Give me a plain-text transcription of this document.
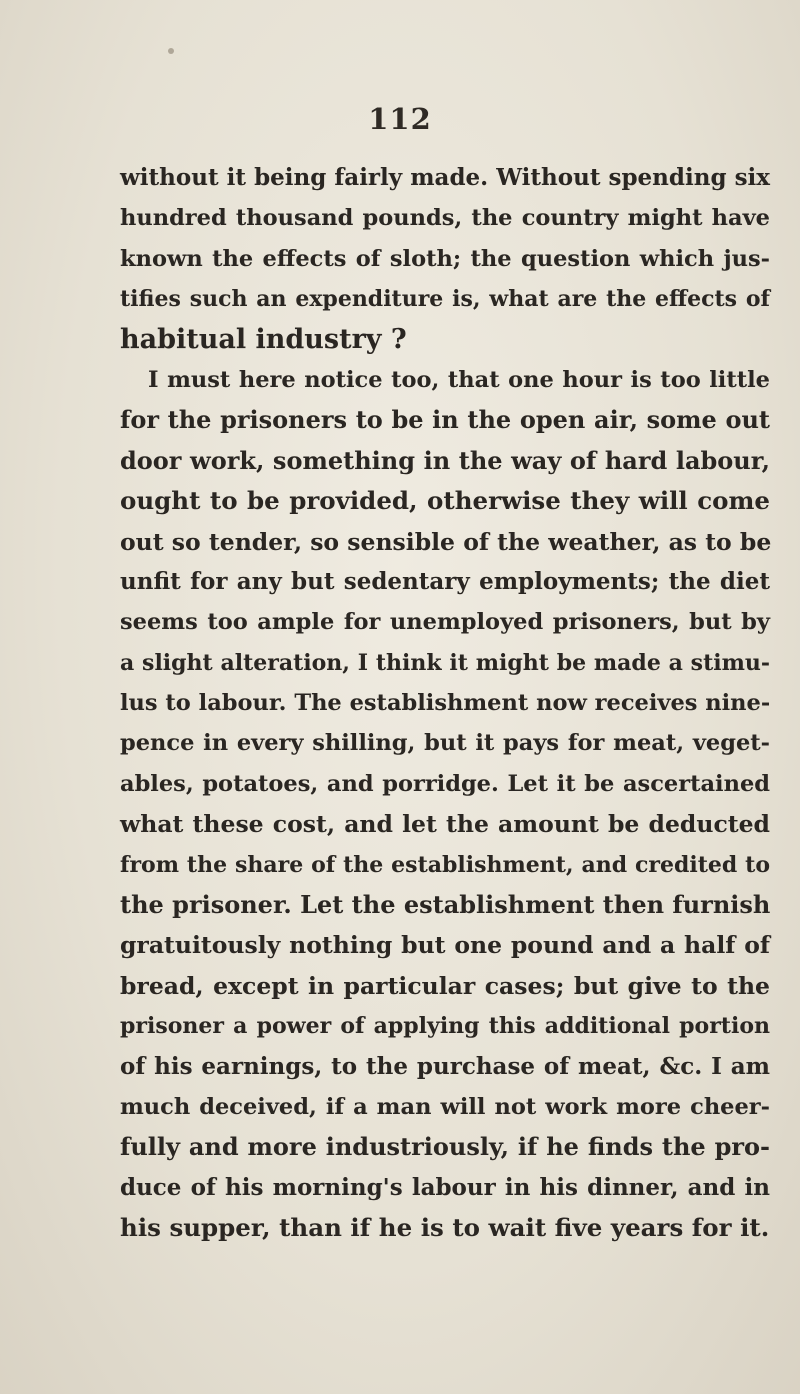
112
without it being fairly made. Without spending six
hundred thousand pounds, the country might have
known the effects of sloth; the question which jus-
tifies such an expenditure is, what are the effects of
habitual industry ?
I must here notice too, that one hour is too little
for the prisoners to be in the open air, some out
door work, something in the way of hard labour,
ought to be provided, otherwise they will come
out so tender, so sensible of the weather, as to be
unfit for any but sedentary employments; the diet
seems too ample for unemployed prisoners, but by
a slight alteration, I think it might be made a stimu-
lus to labour. The establishment now receives nine-
pence in every shilling, but it pays for meat, veget-
ables, potatoes, and porridge. Let it be ascertained
what these cost, and let the amount be deducted
from the share of the establishment, and credited to
the prisoner. Let the establishment then furnish
gratuitously nothing but one pound and a half of
bread, except in particular cases; but give to the
prisoner a power of applying this additional portion
of his earnings, to the purchase of meat, &c. I am
much deceived, if a man will not work more cheer-
fully and more industriously, if he finds the pro-
duce of his morning's labour in his dinner, and in
his supper, than if he is to wait five years for it.
